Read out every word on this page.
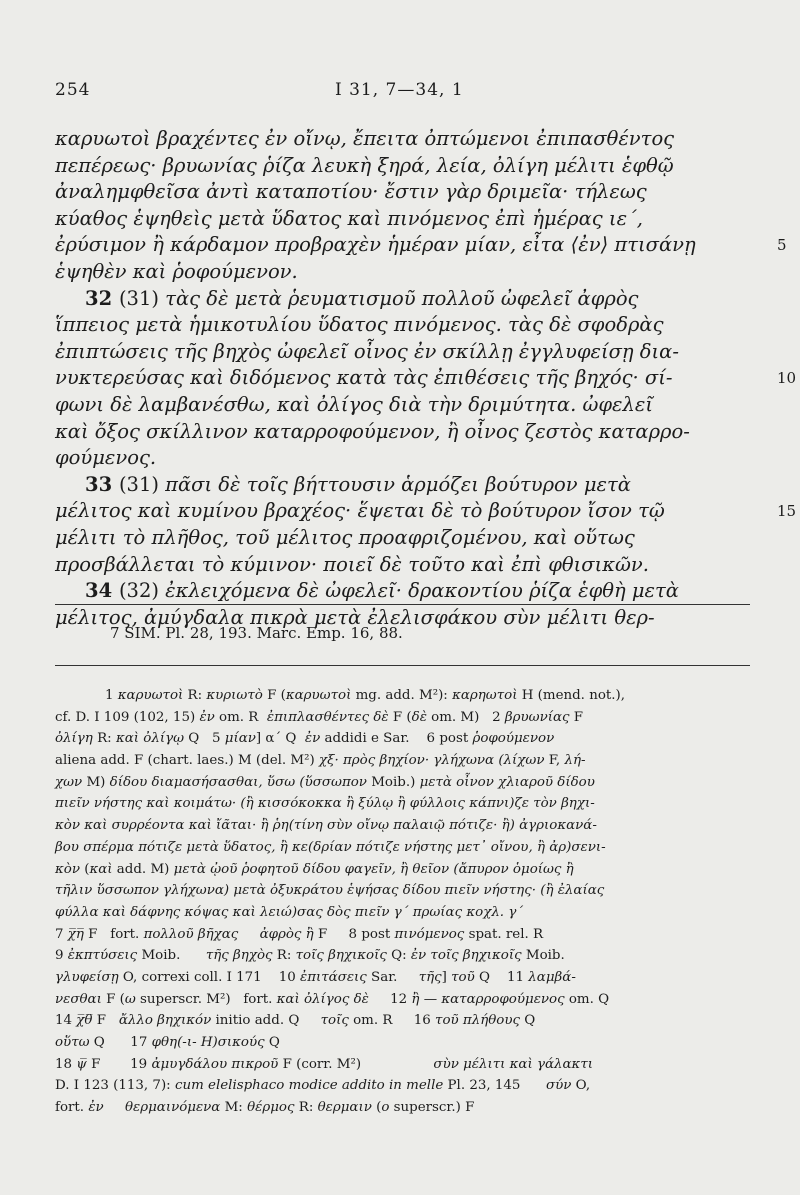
254	I 31, 7—34, 1
καρυωτοὶ βραχέντες ἐν οἴνῳ, ἔπειτα ὀπτώμενοι ἐπιπασθέντος
πεπέρεως· βρυωνίας ῥίζα λευκὴ ξηρά, λεία, ὀλίγη μέλιτι ἑφθῷ
ἀναλημφθεῖσα ἀντὶ καταποτίου· ἔστιν γὰρ δριμεῖα· τήλεως
κύαθος ἑψηθεὶς μετὰ ὕδατος καὶ πινόμενος ἐπὶ ἡμέρας ιε΄,
ἐρύσιμον ἢ κάρδαμον προβραχὲν ἡμέραν μίαν, εἶτα ⟨ἐν⟩ πτισάνῃ	5
ἑψηθὲν καὶ ῥοφούμενον.
32 (31) τὰς δὲ μετὰ ῥευματισμοῦ πολλοῦ ὠφελεῖ ἀφρὸς
ἵππειος μετὰ ἡμικοτυλίου ὕδατος πινόμενος. τὰς δὲ σφοδρὰς
ἐπιπτώσεις τῆς βηχὸς ὠφελεῖ οἶνος ἐν σκίλλῃ ἐγγλυφείσῃ δια-
νυκτερεύσας καὶ διδόμενος κατὰ τὰς ἐπιθέσεις τῆς βηχός· σί-	10
φωνι δὲ λαμβανέσθω, καὶ ὀλίγος διὰ τὴν δριμύτητα. ὠφελεῖ
καὶ ὄξος σκίλλινον καταρροφούμενον, ἢ οἶνος ζεστὸς καταρρο-
φούμενος.
33 (31) πᾶσι δὲ τοῖς βήττουσιν ἁρμόζει βούτυρον μετὰ
μέλιτος καὶ κυμίνου βραχέος· ἕψεται δὲ τὸ βούτυρον ἴσον τῷ	15
μέλιτι τὸ πλῆθος, τοῦ μέλιτος προαφριζομένου, καὶ οὕτως
προσβάλλεται τὸ κύμινον· ποιεῖ δὲ τοῦτο καὶ ἐπὶ φθισικῶν.
34 (32) ἐκλειχόμενα δὲ ὠφελεῖ· δρακοντίου ῥίζα ἑφθὴ μετὰ
μέλιτος, ἀμύγδαλα πικρὰ μετὰ ἐλελισφάκου σὺν μέλιτι θερ-
7 SIM. Pl. 28, 193. Marc. Emp. 16, 88.
1 καρυωτοὶ R: κυριωτὸ F (καρυωτοὶ mg. add. M²): καρηωτοὶ H (mend. not.),
cf. D. I 109 (102, 15) ἐν om. R  ἐπιπλασθέντες δὲ F (δὲ om. M)   2 βρυωνίας F
ὀλίγη R: καὶ ὀλίγῳ Q   5 μίαν] α΄ Q  ἐν addidi e Sar.    6 post ῥοφούμενον
aliena add. F (chart. laes.) M (del. M²) χξ· πρὸς βηχίον· γλήχωνα (λίχων F, λή-
χων M) δίδου διαμασήσασθαι, ὕσω (ὕσσωπον Moib.) μετὰ οἶνον χλιαροῦ δίδου
πιεῖν νήστης καὶ κοιμάτω· (ἢ κισσόκοκκα ἢ ξύλῳ ἢ φύλλοις κάπνι)ζε τὸν βηχι-
κὸν καὶ συρρέοντα καὶ ἴᾶται· ἢ ῥη(τίνη σὺν οἴνῳ παλαιῷ πότιζε· ἢ) ἀγριοκανά-
βου σπέρμα πότιζε μετὰ ὕδατος, ἢ κε(δρίαν πότιζε νήστης μετ᾽ οἴνου, ἢ ἀρ)σενι-
κὸν (καὶ add. M) μετὰ ᾠοῦ ῥοφητοῦ δίδου φαγεῖν, ἢ θεῖον (ἄπυρον ὁμοίως ἢ
τῆλιν ὕσσωπον γλήχωνα) μετὰ ὀξυκράτου ἑψήσας δίδου πιεῖν νήστης· (ἢ ἐλαίας
φύλλα καὶ δάφνης κόψας καὶ λειώ)σας δὸς πιεῖν γ΄ πρωίας κοχλ. γ΄
7 χ̅η̅ F   fort. πολλοῦ βῆχας ἀφρὸς ἢ F     8 post πινόμενος spat. rel. R
9 ἐκπτύσεις Moib.      τῆς βηχὸς R: τοῖς βηχικοῖς Q: ἐν τοῖς βηχικοῖς Moib.
γλυφείσῃ O, correxi coll. I 171    10 ἐπιτάσεις Sar.     τῆς] τοῦ Q    11 λαμβά-
νεσθαι F (ω superscr. M²)   fort. καὶ ὀλίγος δὲ     12 ἢ — καταρροφούμενος om. Q
14 χ̅θ̅ F   ἄλλο βηχικόν initio add. Q     τοῖς om. R     16 τοῦ πλήθους Q
οὕτω Q      17 φθη(-ι- H)σικούς Q
18 ψ̅ F       19 ἀμυγδάλου πικροῦ F (corr. M²)                 σὺν μέλιτι καὶ γάλακτι
D. I 123 (113, 7): cum elelisphaco modice addito in melle Pl. 23, 145      σύν O,
fort. ἐν θερμαινόμενα M: θέρμος R: θερμαιν (ο superscr.) F
